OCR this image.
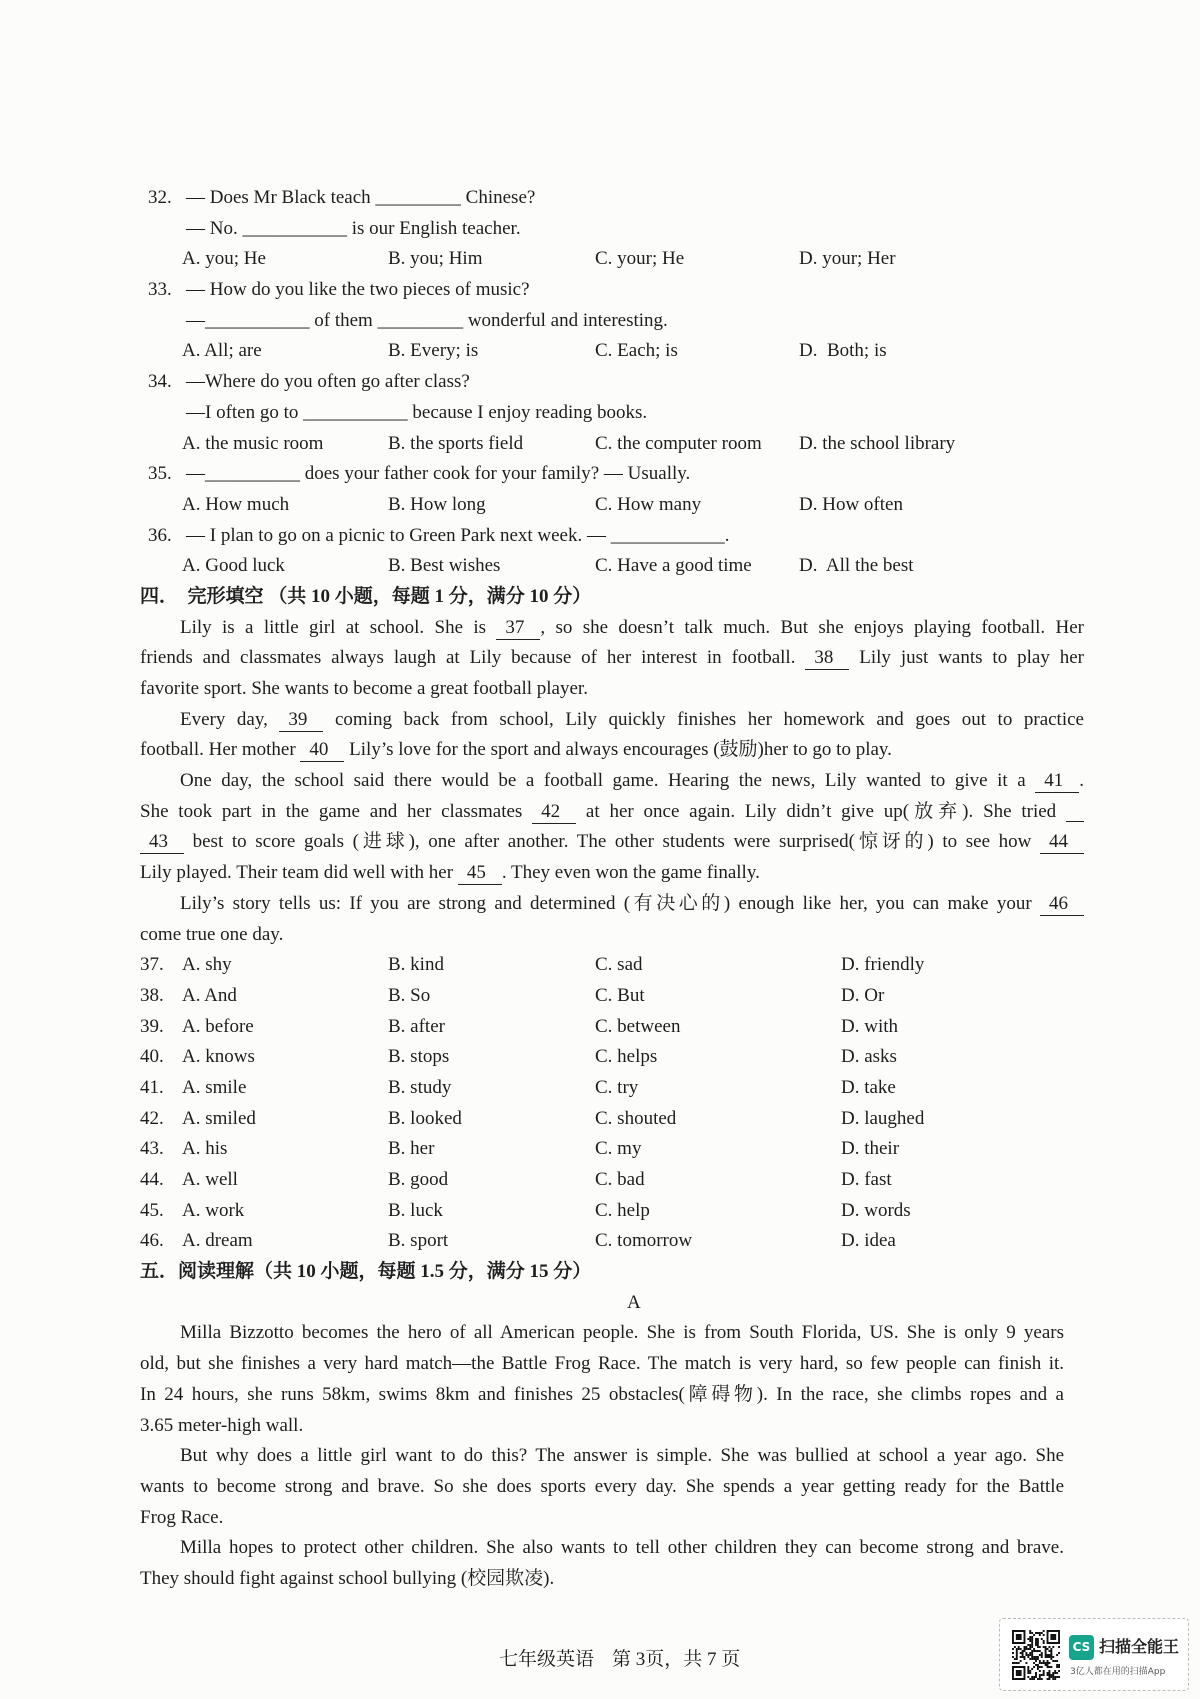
32. — Does Mr Black teach _________ Chinese?
— No. ___________ is our English teacher.
A. you; He	B. you; Him	C. your; He	D. your; Her
33. — How do you like the two pieces of music?
—___________ of them _________ wonderful and interesting.
A. All; are	B. Every; is	C. Each; is	D.  Both; is
34. —Where do you often go after class?
—I often go to ___________ because I enjoy reading books.
A. the music room	B. the sports field	C. the computer room D. the school library
35. —__________ does your father cook for your family? — Usually.
A. How much	B. How long	C. How many	D. How often
36. — I plan to go on a picnic to Green Park next week. — ____________.
A. Good luck	B. Best wishes	C. Have a good time D.  All the best
四．  完形填空 （共 10 小题，每题 1 分，满分 10 分）
Lily is a little girl at school. She is 37 , so she doesn’t talk much. But she enjoys playing football. Her
friends and classmates always laugh at Lily because of her interest in football. 38 Lily just wants to play her
favorite sport. She wants to become a great football player.
Every day, 39 coming back from school, Lily quickly finishes her homework and goes out to practice
football. Her mother 40 Lily’s love for the sport and always encourages (鼓励)her to go to play.
One day, the school said there would be a football game. Hearing the news, Lily wanted to give it a 41 .
She took part in the game and her classmates 42 at her once again. Lily didn’t give up(放弃). She tried
43 best to score goals (进球), one after another. The other students were surprised(惊讶的) to see how 44
Lily played. Their team did well with her 45 . They even won the game finally.
Lily’s story tells us: If you are strong and determined (有决心的) enough like her, you can make your 46
come true one day.
37. A. shy	B. kind	C. sad	D. friendly
38. A. And	B. So	C. But	D. Or
39. A. before	B. after	C. between	D. with
40. A. knows	B. stops	C. helps	D. asks
41. A. smile	B. study	C. try	D. take
42. A. smiled	B. looked	C. shouted	D. laughed
43. A. his	B. her	C. my	D. their
44. A. well	B. good	C. bad	D. fast
45. A. work	B. luck	C. help	D. words
46. A. dream	B. sport	C. tomorrow	D. idea
五．阅读理解（共 10 小题，每题 1.5 分，满分 15 分）
A
Milla Bizzotto becomes the hero of all American people. She is from South Florida, US. She is only 9 years
old, but she finishes a very hard match—the Battle Frog Race. The match is very hard, so few people can finish it.
In 24 hours, she runs 58km, swims 8km and finishes 25 obstacles(障碍物). In the race, she climbs ropes and a
3.65 meter-high wall.
But why does a little girl want to do this? The answer is simple. She was bullied at school a year ago. She
wants to become strong and brave. So she does sports every day. She spends a year getting ready for the Battle
Frog Race.
Milla hopes to protect other children. She also wants to tell other children they can become strong and brave.
They should fight against school bullying (校园欺凌).

七年级英语 第 3页，共 7 页

CS 扫描全能王
3亿人都在用的扫描App
